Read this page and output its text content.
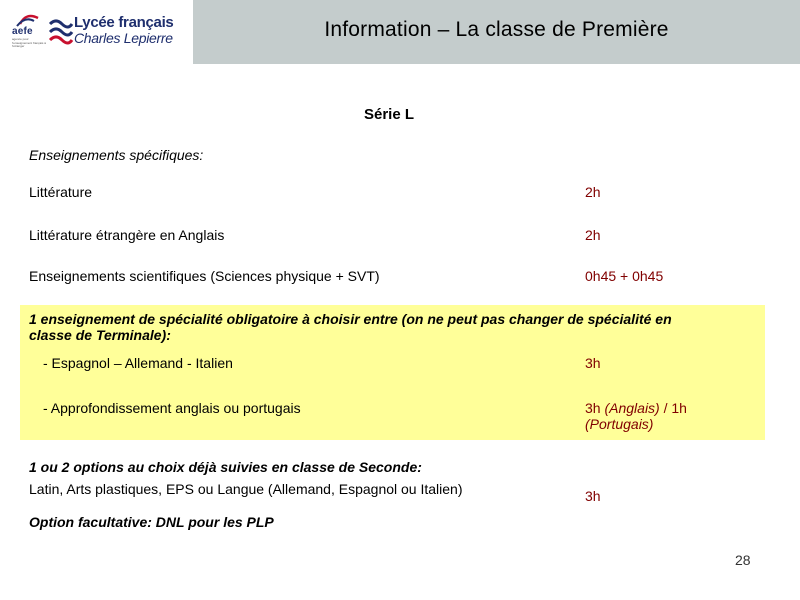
aefe
agence pour l'enseignement français à l'étranger
Lycée français
Charles Lepierre	Information – La classe de Première
Série L
Enseignements spécifiques:
Littérature	2h
Littérature étrangère en Anglais	2h
Enseignements scientifiques (Sciences physique + SVT)	0h45 + 0h45
1 enseignement de spécialité obligatoire à choisir entre (on ne peut pas changer de spécialité en
classe de Terminale):
- Espagnol – Allemand - Italien	3h
- Approfondissement anglais ou portugais	3h (Anglais) / 1h
(Portugais)
1 ou 2 options au choix déjà suivies en classe de Seconde:
Latin, Arts plastiques, EPS ou Langue (Allemand, Espagnol ou Italien)	3h
Option facultative: DNL pour les PLP
28
